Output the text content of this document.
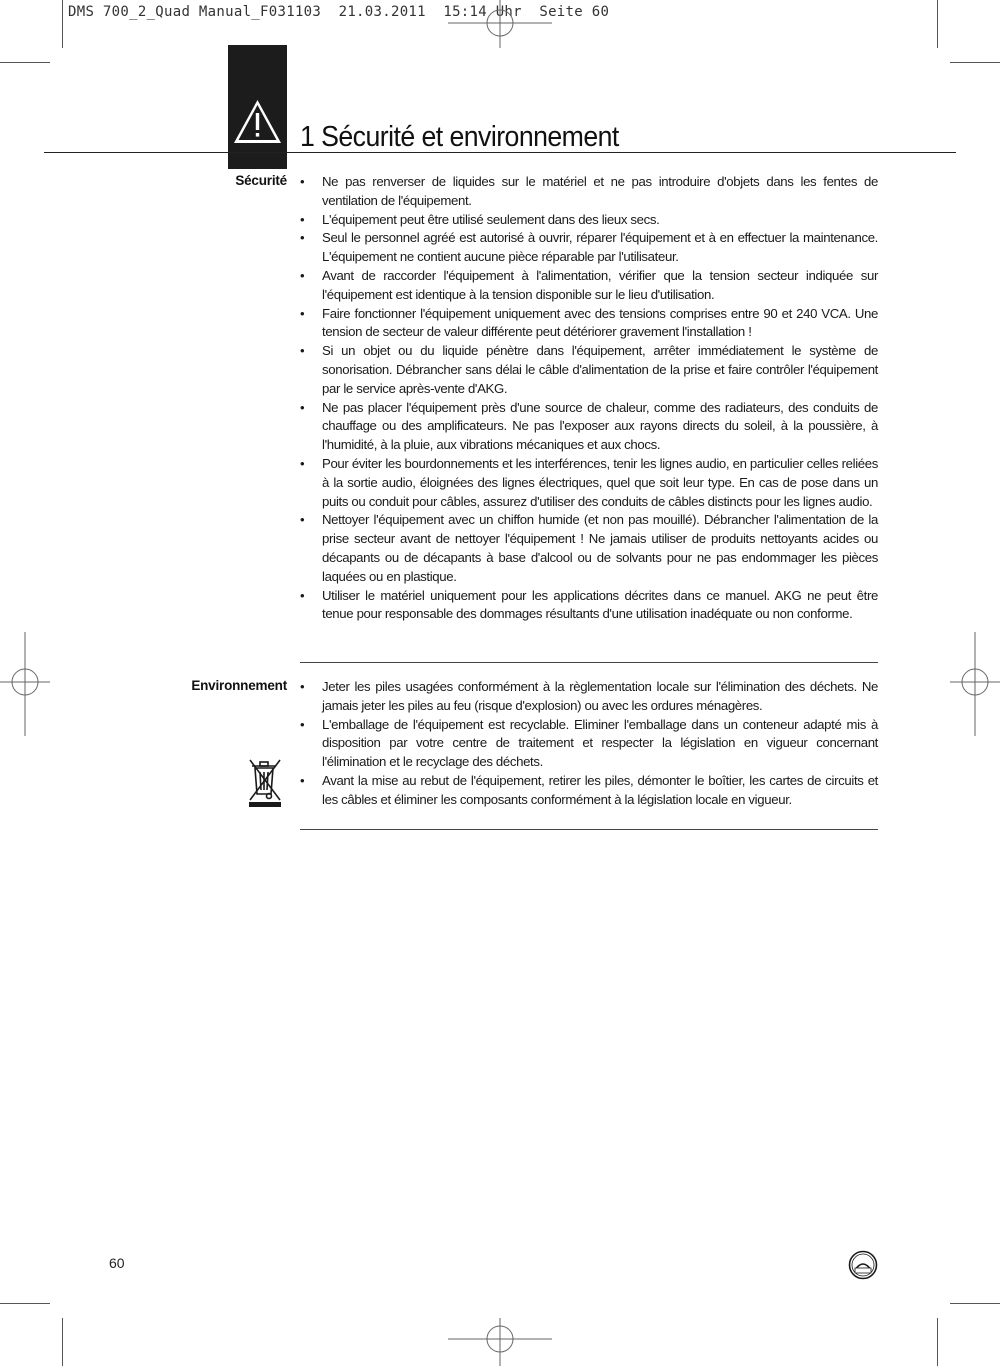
DMS 700_2_Quad Manual_F031103  21.03.2011  15:14 Uhr  Seite 60
1 Sécurité et environnement
Sécurité • Ne pas renverser de liquides sur le matériel et ne pas introduire d'objets dans les fentes de ventilation de l'équipement.
• L'équipement peut être utilisé seulement dans des lieux secs.
• Seul le personnel agréé est autorisé à ouvrir, réparer l'équipement et à en effectuer la maintenance. L'équipement ne contient aucune pièce réparable par l'utilisateur.
• Avant de raccorder l'équipement à l'alimentation, vérifier que la tension secteur indiquée sur l'équipement est identique à la tension disponible sur le lieu d'utilisation.
• Faire fonctionner l'équipement uniquement avec des tensions comprises entre 90 et 240 VCA. Une tension de secteur de valeur différente peut détériorer gravement l'installation !
• Si un objet ou du liquide pénètre dans l'équipement, arrêter immédiatement le système de sonorisation. Débrancher sans délai le câble d'alimentation de la prise et faire contrôler l'équipement par le service après-vente d'AKG.
• Ne pas placer l'équipement près d'une source de chaleur, comme des radiateurs, des conduits de chauffage ou des amplificateurs. Ne pas l'exposer aux rayons directs du soleil, à la poussière, à l'humidité, à la pluie, aux vibrations mécaniques et aux chocs.
• Pour éviter les bourdonnements et les interférences, tenir les lignes audio, en particulier celles reliées à la sortie audio, éloignées des lignes électriques, quel que soit leur type. En cas de pose dans un puits ou conduit pour câbles, assurez d'utiliser des conduits de câbles distincts pour les lignes audio.
• Nettoyer l'équipement avec un chiffon humide (et non pas mouillé). Débrancher l'alimentation de la prise secteur avant de nettoyer l'équipement ! Ne jamais utiliser de produits nettoyants acides ou décapants ou de décapants à base d'alcool ou de solvants pour ne pas endommager les pièces laquées ou en plastique.
• Utiliser le matériel uniquement pour les applications décrites dans ce manuel. AKG ne peut être tenue pour responsable des dommages résultants d'une utilisation inadéquate ou non conforme.
Environnement • Jeter les piles usagées conformément à la règlementation locale sur l'élimination des déchets. Ne jamais jeter les piles au feu (risque d'explosion) ou avec les ordures ménagères.
• L'emballage de l'équipement est recyclable. Eliminer l'emballage dans un conteneur adapté mis à disposition par votre centre de traitement et respecter la législation en vigueur concernant l'élimination et le recyclage des déchets.
• Avant la mise au rebut de l'équipement, retirer les piles, démonter le boîtier, les cartes de circuits et les câbles et éliminer les composants conformément à la législation locale en vigueur.
60
